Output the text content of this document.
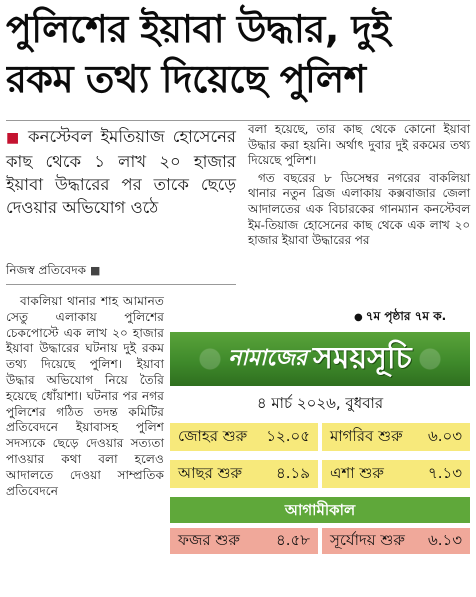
পুলিশের ইয়াবা উদ্ধার, দুই
রকম তথ্য দিয়েছে পুলিশ

■ কনস্টেবল ইমতিয়াজ হোসেনের কাছ থেকে ১ লাখ ২০ হাজার ইয়াবা উদ্ধারের পর তাকে ছেড়ে দেওয়ার অভিযোগ ওঠে

নিজস্ব প্রতিবেদক ■

বাকলিয়া থানার শাহ আমানত সেতু এলাকায় পুলিশের চেকপোস্টে এক লাখ ২০ হাজার ইয়াবা উদ্ধারের ঘটনায় দুই রকম তথ্য দিয়েছে পুলিশ। ইয়াবা উদ্ধার অভিযোগ নিয়ে তৈরি হয়েছে ধোঁয়াশা। ঘটনার পর নগর পুলিশের গঠিত তদন্ত কমিটির প্রতিবেদনে ইয়াবাসহ পুলিশ সদস্যকে ছেড়ে দেওয়ার সত্যতা পাওয়ার কথা বলা হলেও আদালতে দেওয়া সাম্প্রতিক প্রতিবেদনে

বলা হয়েছে, তার কাছ থেকে কোনো ইয়াবা উদ্ধার করা হয়নি। অর্থাৎ দুবার দুই রকমের তথ্য দিয়েছে পুলিশ।

গত বছরের ৮ ডিসেম্বর নগরের বাকলিয়া থানার নতুন ব্রিজ এলাকায় কক্সবাজার জেলা আদালতের এক বিচারকের গানম্যান কনস্টেবল ইম-তিয়াজ হোসেনের কাছ থেকে এক লাখ ২০ হাজার ইয়াবা উদ্ধারের পর

● ৭ম পৃষ্ঠার ৭ম ক.
নামাজের সময়সূচি
৪ মার্চ ২০২৬, বুধবার
জোহর শুরু ১২.০৫ মাগরিব শুরু ৬.০৩
আছর শুরু ৪.১৯ এশা শুরু	৭.১৩
আগামীকাল
ফজর শুরু ৪.৫৮ সূর্যোদয় শুরু ৬.১৩
